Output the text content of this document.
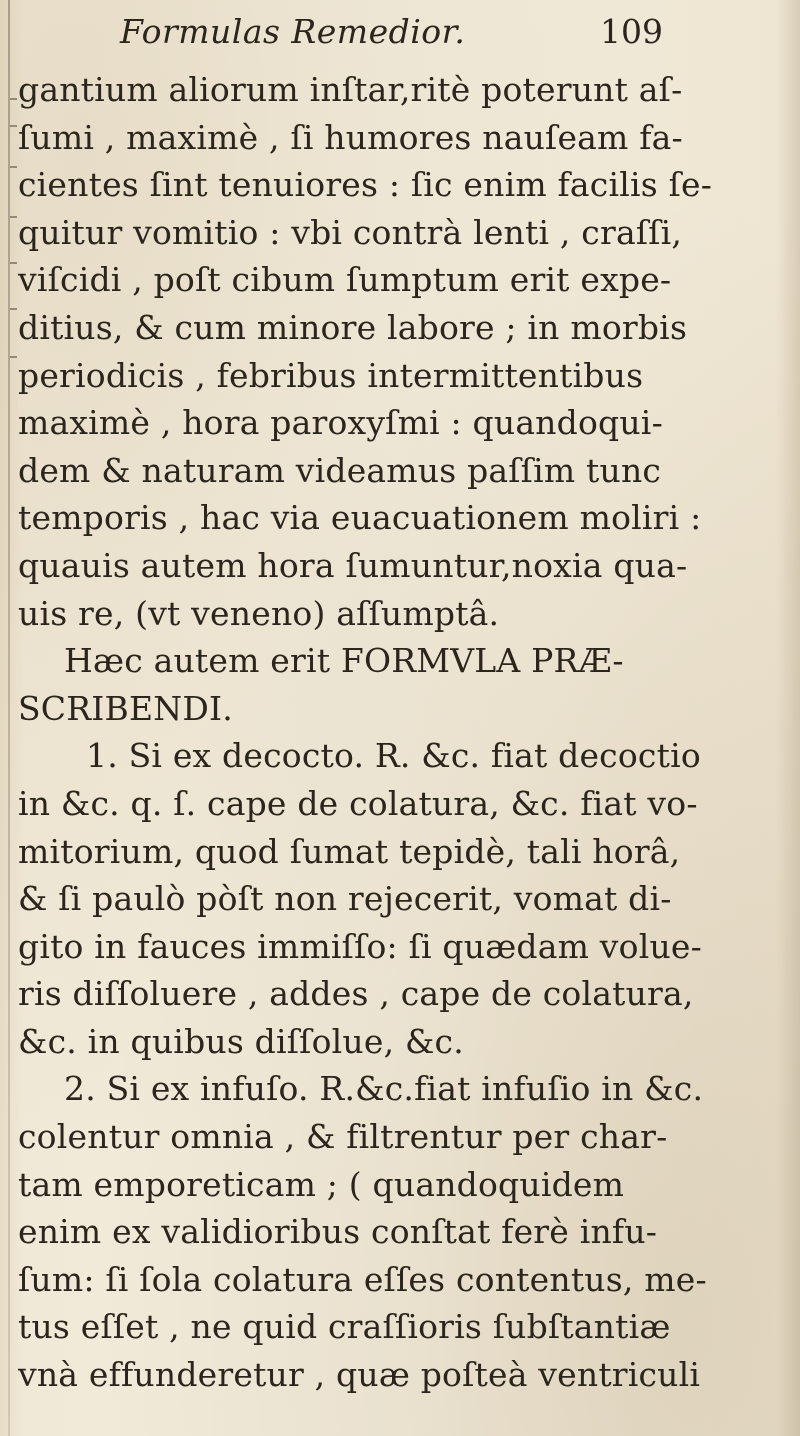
Formulas Remedior.	109
gantium aliorum inſtar,ritè poterunt aſ-
ſumi , maximè , ſi humores nauſeam fa-
cientes ſint tenuiores : ſic enim facilis ſe-
quitur vomitio : vbi contrà lenti , craſſi,
viſcidi , poſt cibum ſumptum erit expe-
ditius, & cum minore labore ; in morbis
periodicis , febribus intermittentibus
maximè , hora paroxyſmi : quandoqui-
dem & naturam videamus paſſim tunc
temporis , hac via euacuationem moliri :
quauis autem hora ſumuntur,noxia qua-
uis re, (vt veneno) aſſumptâ.
Hæc autem erit FORMVLA PRÆ-
SCRIBENDI.
1. Si ex decocto. R. &c. fiat decoctio
in &c. q. ſ. cape de colatura, &c. fiat vo-
mitorium, quod ſumat tepidè, tali horâ,
& ſi paulò pòſt non rejecerit, vomat di-
gito in fauces immiſſo: ſi quædam volue-
ris diſſoluere , addes , cape de colatura,
&c. in quibus diſſolue, &c.
2. Si ex infuſo. R.&c.fiat infuſio in &c.
colentur omnia , & filtrentur per char-
tam emporeticam ; ( quandoquidem
enim ex validioribus conſtat ferè infu-
ſum: ſi ſola colatura eſſes contentus, me-
tus eſſet , ne quid craſſioris ſubſtantiæ
vnà effunderetur , quæ poſteà ventriculi
